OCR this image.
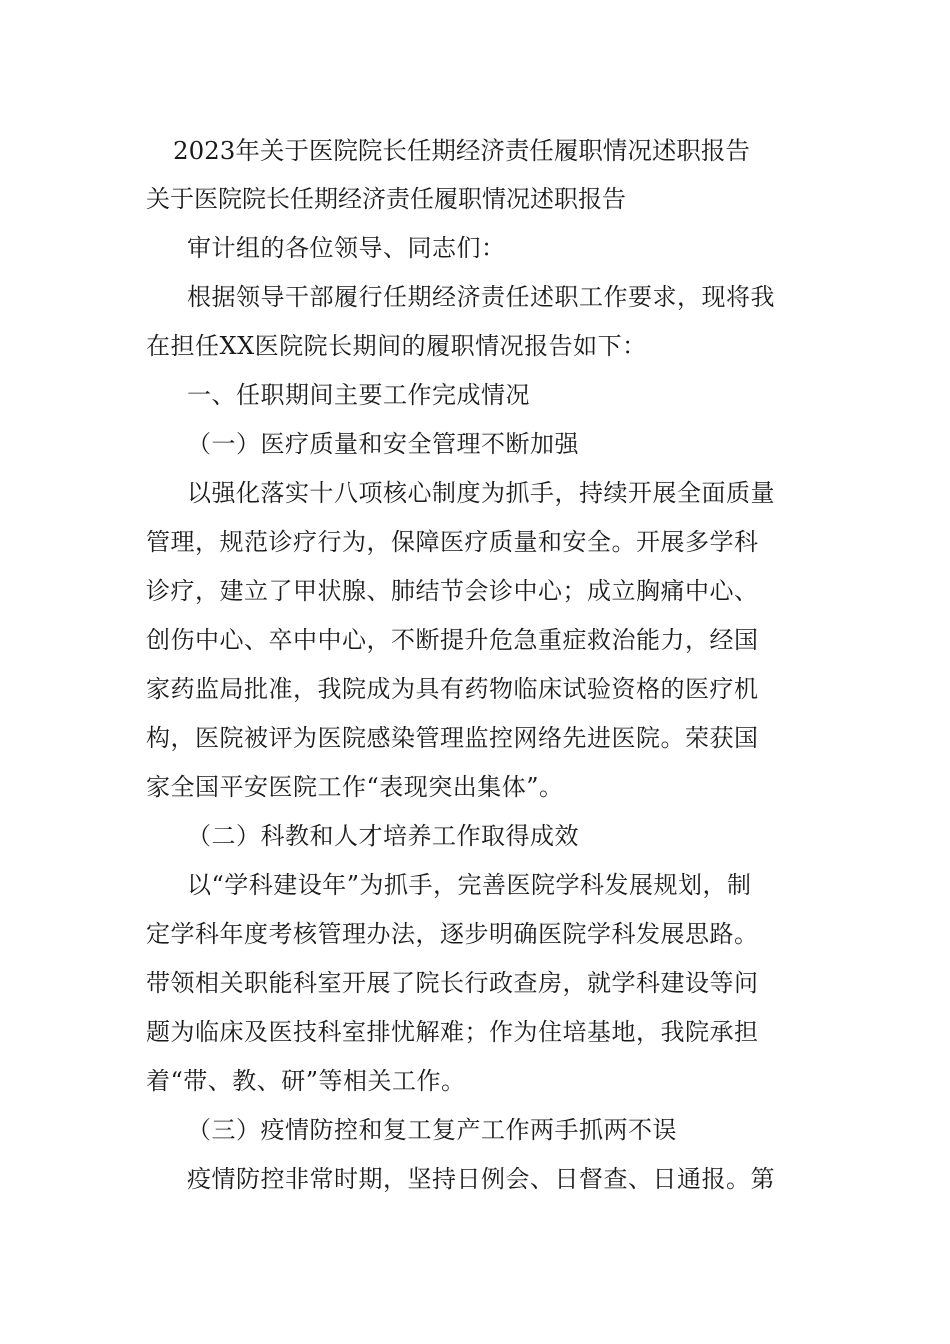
2023年关于医院院长任期经济责任履职情况述职报告
关于医院院长任期经济责任履职情况述职报告
审计组的各位领导、同志们：
根据领导干部履行任期经济责任述职工作要求，现将我
在担任XX医院院长期间的履职情况报告如下：
一、任职期间主要工作完成情况
（一）医疗质量和安全管理不断加强
以强化落实十八项核心制度为抓手，持续开展全面质量
管理，规范诊疗行为，保障医疗质量和安全。开展多学科
诊疗，建立了甲状腺、肺结节会诊中心；成立胸痛中心、
创伤中心、卒中中心，不断提升危急重症救治能力，经国
家药监局批准，我院成为具有药物临床试验资格的医疗机
构，医院被评为医院感染管理监控网络先进医院。荣获国
家全国平安医院工作“表现突出集体”。
（二）科教和人才培养工作取得成效
以“学科建设年”为抓手，完善医院学科发展规划，制
定学科年度考核管理办法，逐步明确医院学科发展思路。
带领相关职能科室开展了院长行政查房，就学科建设等问
题为临床及医技科室排忧解难；作为住培基地，我院承担
着“带、教、研”等相关工作。
（三）疫情防控和复工复产工作两手抓两不误
疫情防控非常时期，坚持日例会、日督查、日通报。第
